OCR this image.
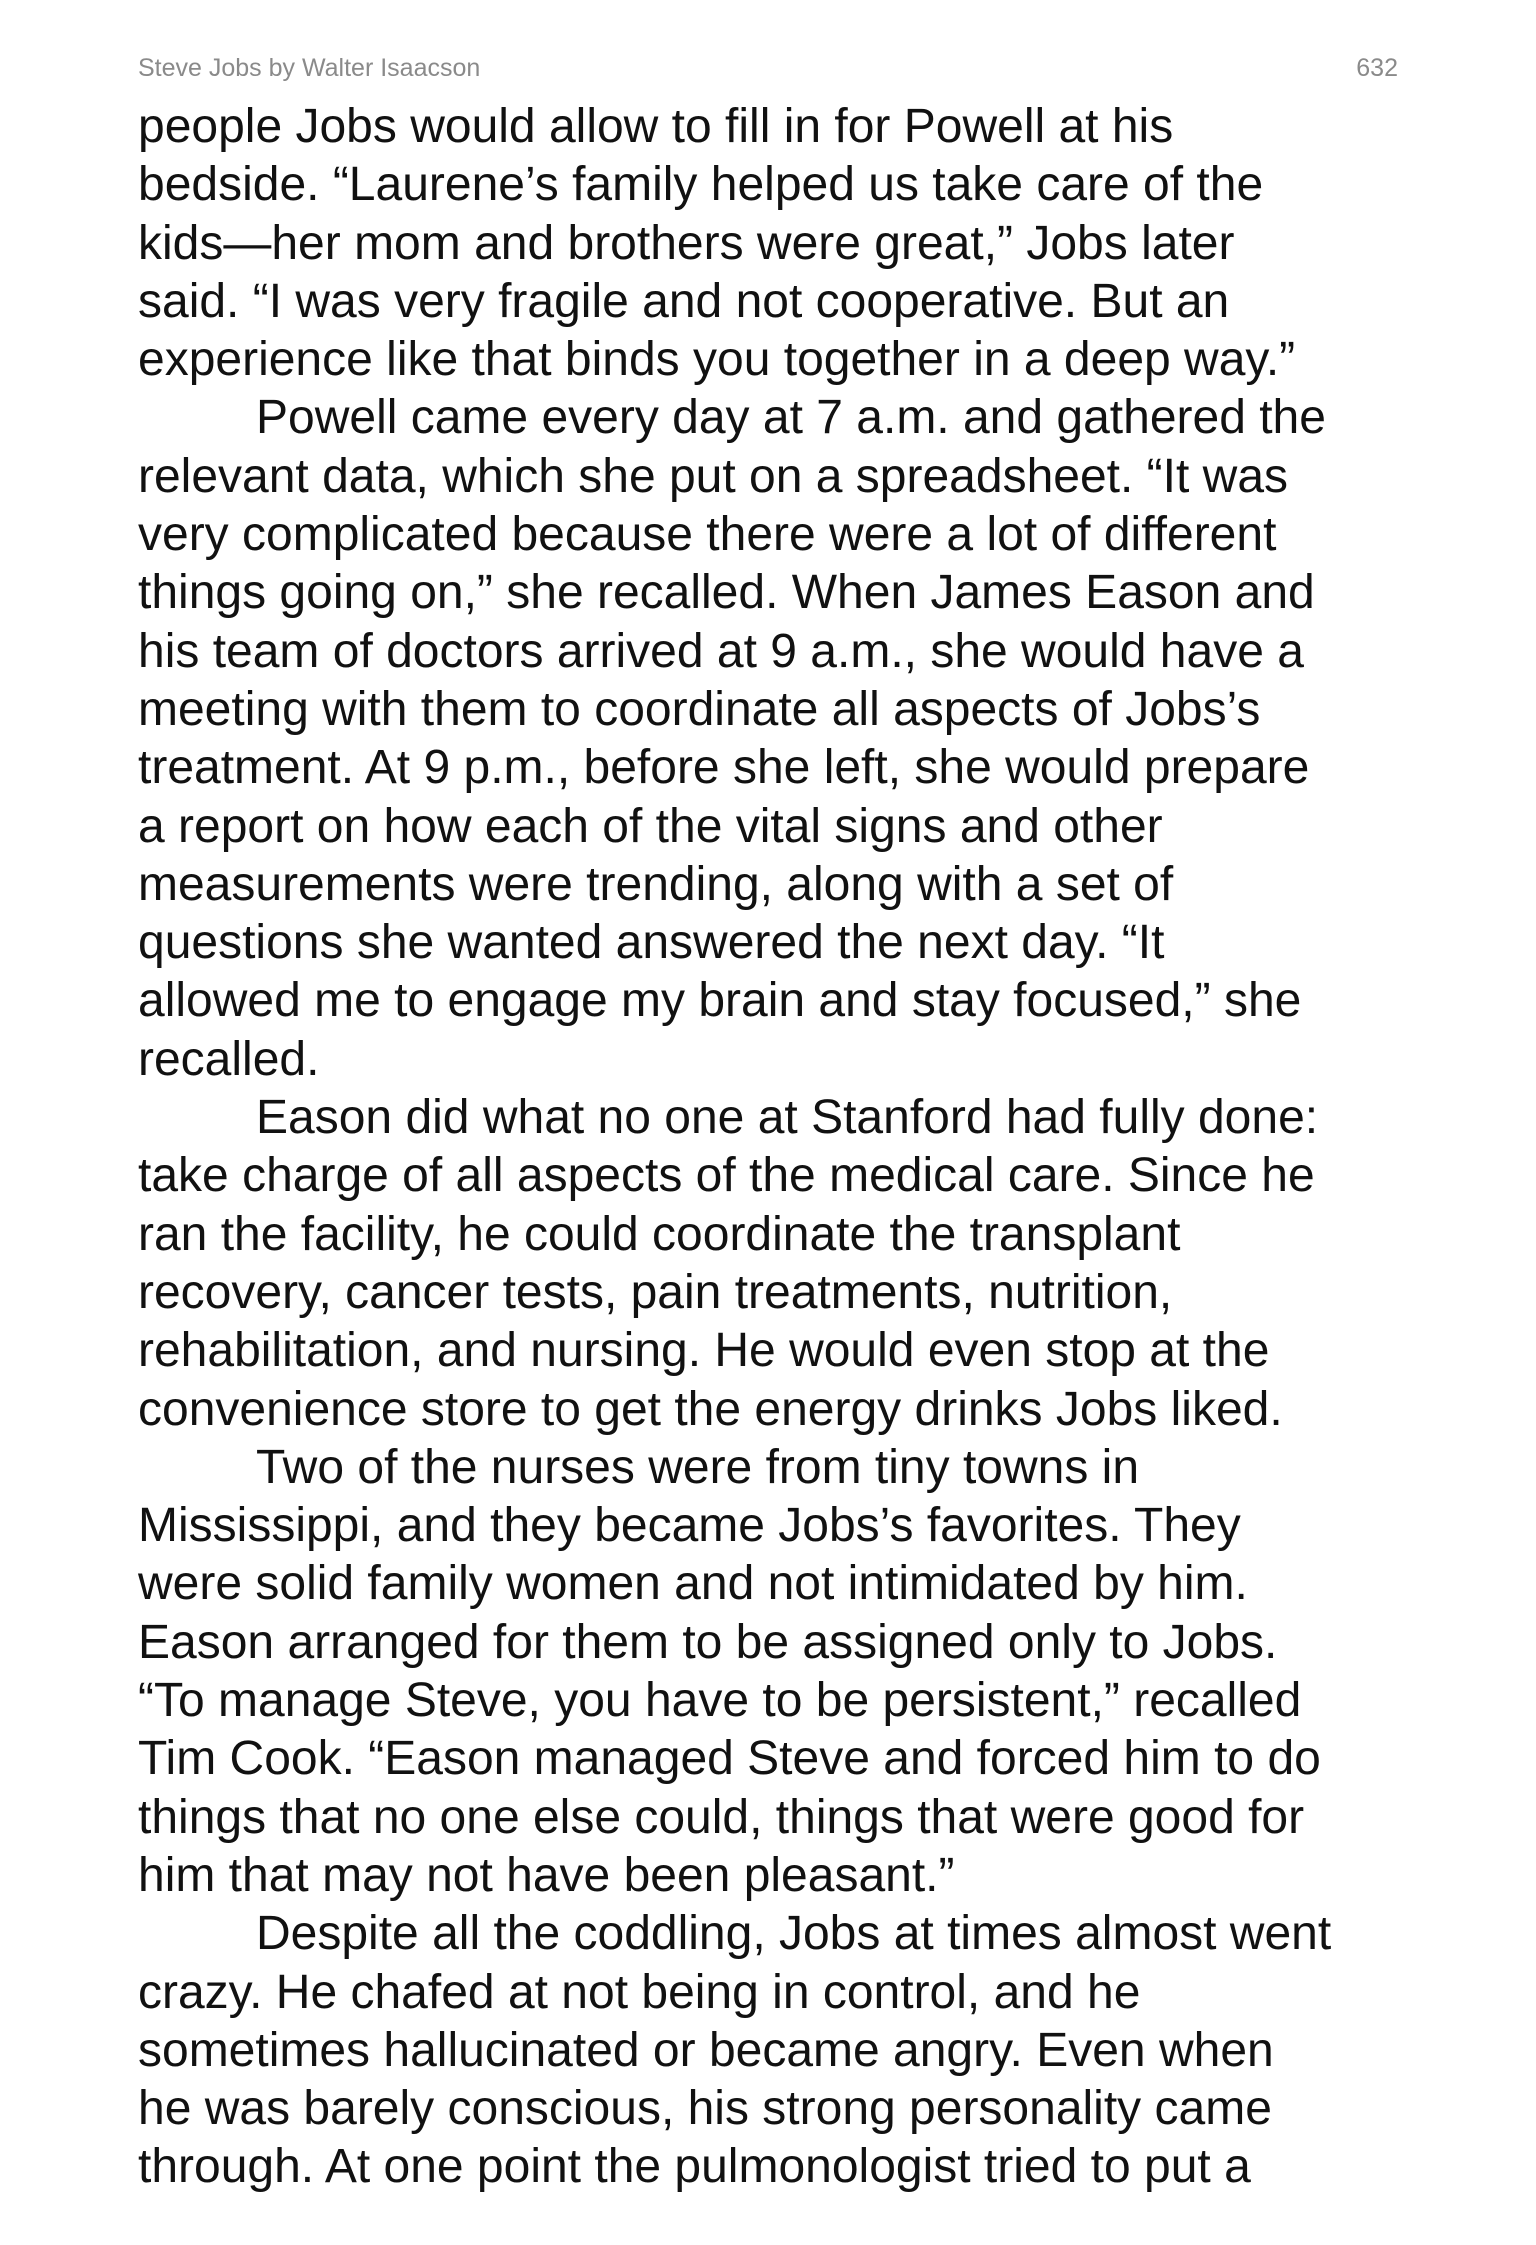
Steve Jobs by Walter Isaacson	632

people Jobs would allow to fill in for Powell at his
bedside. “Laurene’s family helped us take care of the
kids—her mom and brothers were great,” Jobs later
said. “I was very fragile and not cooperative. But an
experience like that binds you together in a deep way.”

Powell came every day at 7 a.m. and gathered the
relevant data, which she put on a spreadsheet. “It was
very complicated because there were a lot of different
things going on,” she recalled. When James Eason and
his team of doctors arrived at 9 a.m., she would have a
meeting with them to coordinate all aspects of Jobs’s
treatment. At 9 p.m., before she left, she would prepare
a report on how each of the vital signs and other
measurements were trending, along with a set of
questions she wanted answered the next day. “It
allowed me to engage my brain and stay focused,” she
recalled.

Eason did what no one at Stanford had fully done:
take charge of all aspects of the medical care. Since he
ran the facility, he could coordinate the transplant
recovery, cancer tests, pain treatments, nutrition,
rehabilitation, and nursing. He would even stop at the
convenience store to get the energy drinks Jobs liked.

Two of the nurses were from tiny towns in
Mississippi, and they became Jobs’s favorites. They
were solid family women and not intimidated by him.
Eason arranged for them to be assigned only to Jobs.
“To manage Steve, you have to be persistent,” recalled
Tim Cook. “Eason managed Steve and forced him to do
things that no one else could, things that were good for
him that may not have been pleasant.”

Despite all the coddling, Jobs at times almost went
crazy. He chafed at not being in control, and he
sometimes hallucinated or became angry. Even when
he was barely conscious, his strong personality came
through. At one point the pulmonologist tried to put a
